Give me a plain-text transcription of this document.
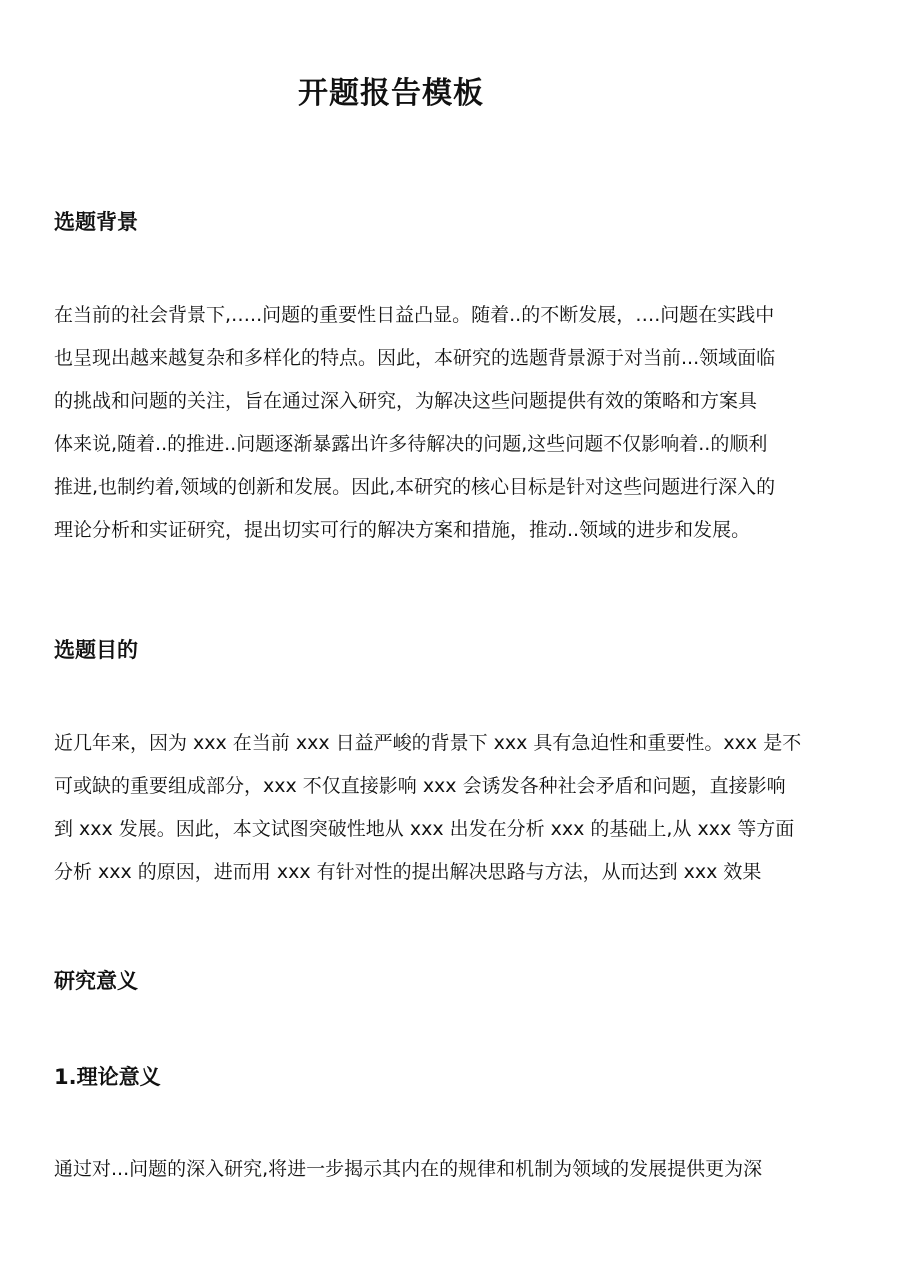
开题报告模板
选题背景
在当前的社会背景下,…..问题的重要性日益凸显。随着..的不断发展，….问题在实践中
也呈现出越来越复杂和多样化的特点。因此，本研究的选题背景源于对当前...领域面临
的挑战和问题的关注，旨在通过深入研究，为解决这些问题提供有效的策略和方案具
体来说,随着..的推进..问题逐渐暴露出许多待解决的问题,这些问题不仅影响着..的顺利
推进,也制约着,领域的创新和发展。因此,本研究的核心目标是针对这些问题进行深入的
理论分析和实证研究，提出切实可行的解决方案和措施，推动..领域的进步和发展。
选题目的
近几年来，因为 xxx 在当前 xxx 日益严峻的背景下 xxx 具有急迫性和重要性。xxx 是不
可或缺的重要组成部分，xxx 不仅直接影响 xxx 会诱发各种社会矛盾和问题，直接影响
到 xxx 发展。因此，本文试图突破性地从 xxx 出发在分析 xxx 的基础上,从 xxx 等方面
分析 xxx 的原因，进而用 xxx 有针对性的提出解决思路与方法，从而达到 xxx 效果
研究意义
1.理论意义
通过对...问题的深入研究,将进一步揭示其内在的规律和机制为领域的发展提供更为深
